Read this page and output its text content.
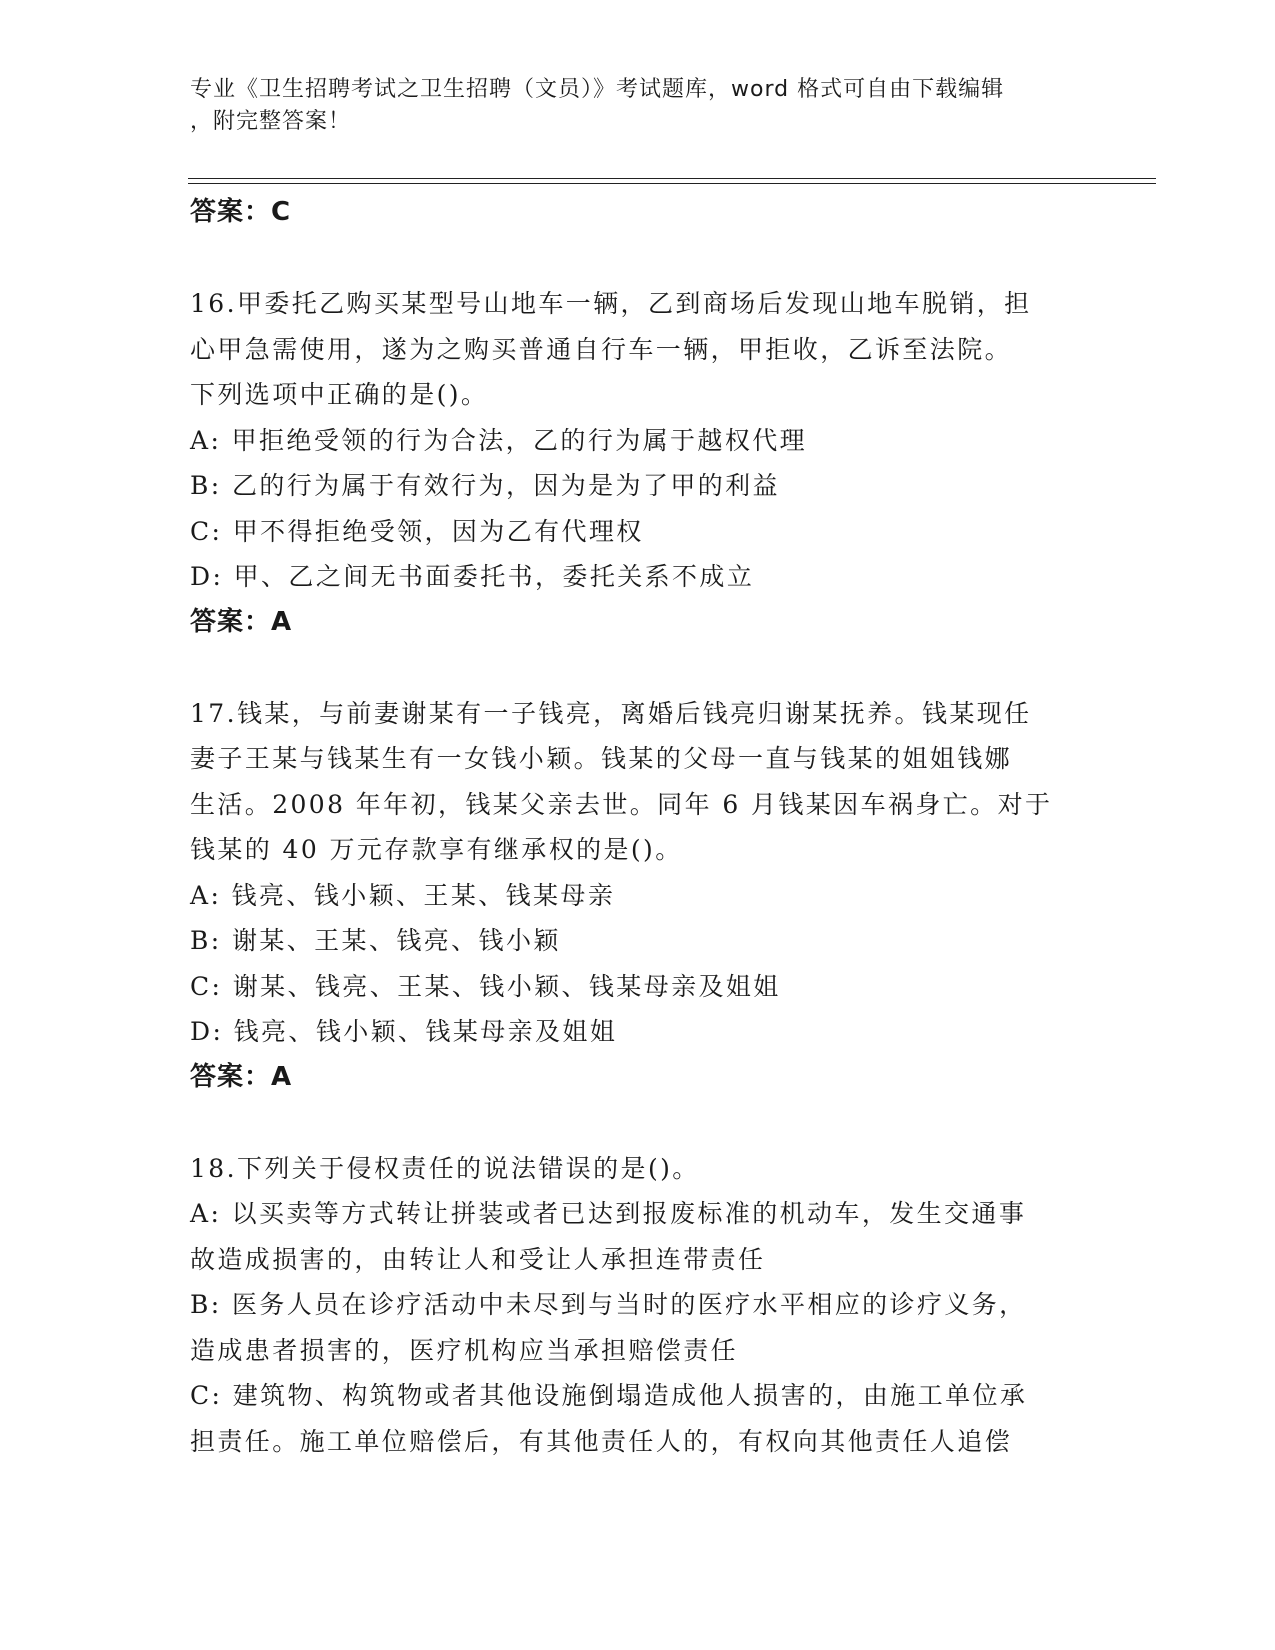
专业《卫生招聘考试之卫生招聘（文员）》考试题库，word 格式可自由下载编辑
，附完整答案！
答案：C
16.甲委托乙购买某型号山地车一辆，乙到商场后发现山地车脱销，担
心甲急需使用，遂为之购买普通自行车一辆，甲拒收，乙诉至法院。
下列选项中正确的是()。
A: 甲拒绝受领的行为合法，乙的行为属于越权代理
B: 乙的行为属于有效行为，因为是为了甲的利益
C: 甲不得拒绝受领，因为乙有代理权
D: 甲、乙之间无书面委托书，委托关系不成立
答案：A
17.钱某，与前妻谢某有一子钱亮，离婚后钱亮归谢某抚养。钱某现任
妻子王某与钱某生有一女钱小颖。钱某的父母一直与钱某的姐姐钱娜
生活。2008 年年初，钱某父亲去世。同年 6 月钱某因车祸身亡。对于
钱某的 40 万元存款享有继承权的是()。
A: 钱亮、钱小颖、王某、钱某母亲
B: 谢某、王某、钱亮、钱小颖
C: 谢某、钱亮、王某、钱小颖、钱某母亲及姐姐
D: 钱亮、钱小颖、钱某母亲及姐姐
答案：A
18.下列关于侵权责任的说法错误的是()。
A: 以买卖等方式转让拼装或者已达到报废标准的机动车，发生交通事
故造成损害的，由转让人和受让人承担连带责任
B: 医务人员在诊疗活动中未尽到与当时的医疗水平相应的诊疗义务，
造成患者损害的，医疗机构应当承担赔偿责任
C: 建筑物、构筑物或者其他设施倒塌造成他人损害的，由施工单位承
担责任。施工单位赔偿后，有其他责任人的，有权向其他责任人追偿
